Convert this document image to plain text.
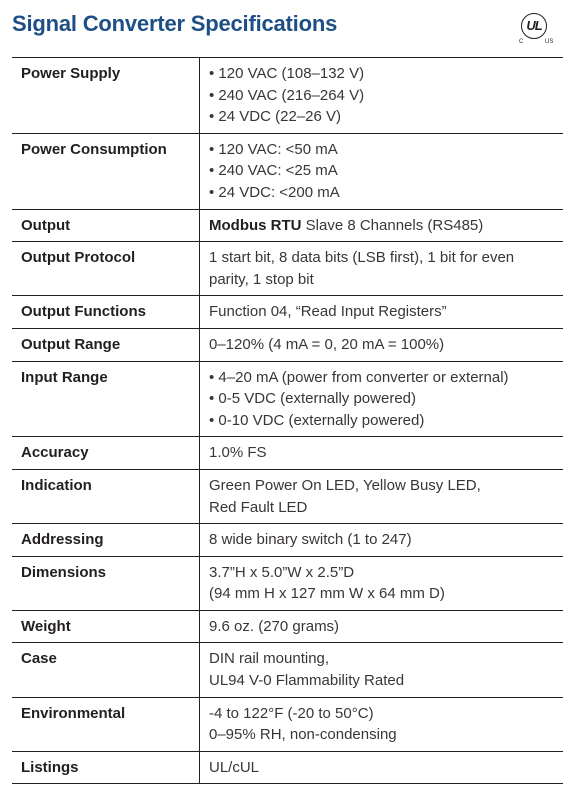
Signal Converter Specifications	UL
C	US
Power Supply	• 120 VAC (108–132 V)
• 240 VAC (216–264 V)
• 24 VDC (22–26 V)

Power Consumption	• 120 VAC: <50 mA
• 240 VAC: <25 mA
• 24 VDC: <200 mA

Output	Modbus RTU Slave 8 Channels (RS485)

Output Protocol	1 start bit, 8 data bits (LSB first), 1 bit for even
parity, 1 stop bit

Output Functions	Function 04, “Read Input Registers”

Output Range	0–120% (4 mA = 0, 20 mA = 100%)

Input Range	• 4–20 mA (power from converter or external)
• 0-5 VDC (externally powered)
• 0-10 VDC (externally powered)

Accuracy	1.0% FS

Indication	Green Power On LED, Yellow Busy LED,
Red Fault LED

Addressing	8 wide binary switch (1 to 247)

Dimensions	3.7”H x 5.0”W x 2.5”D
(94 mm H x 127 mm W x 64 mm D)

Weight	9.6 oz. (270 grams)

Case	DIN rail mounting,
UL94 V-0 Flammability Rated

Environmental	-4 to 122°F (-20 to 50°C)
0–95% RH, non-condensing

Listings	UL/cUL
